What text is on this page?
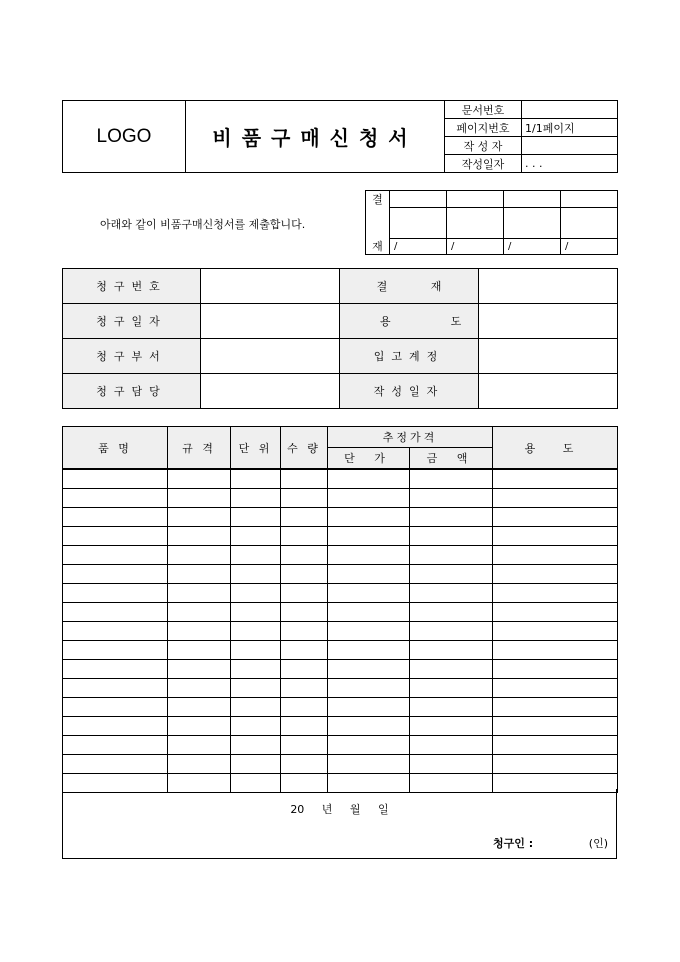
LOGO	비품구매신청서	문서번호	
		페이지번호	1/1페이지
		작 성 자	
		작성일자	. . .
아래와 같이 비품구매신청서를 제출합니다.
결				

재	/	/	/	/
청구번호		결 재	
청구일자		용도	
청구부서		입고계정	
청구담당		작성일자	
품 명	규 격	단 위	수 량	추정가격		용 도
				단 가	금 액	

20 년 월 일
청구인 :	(인)
